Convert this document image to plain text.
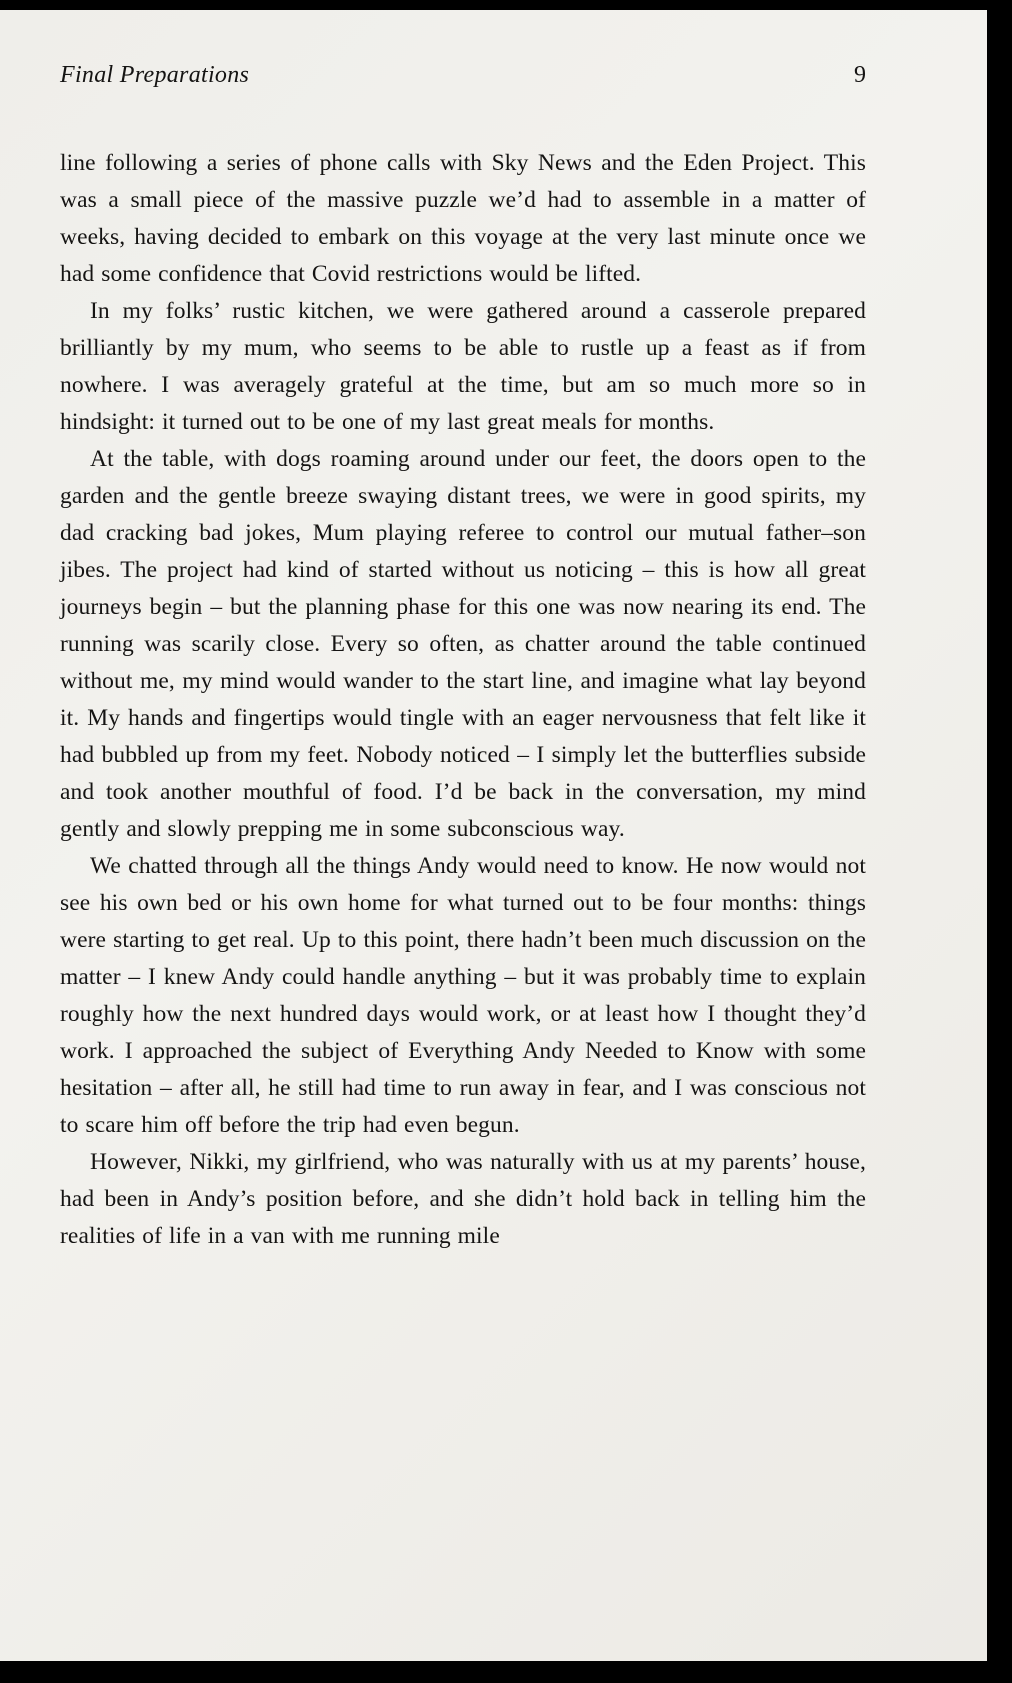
Final Preparations	9

line following a series of phone calls with Sky News and the Eden Project. This was a small piece of the massive puzzle we’d had to assemble in a matter of weeks, having decided to embark on this voyage at the very last minute once we had some confidence that Covid restrictions would be lifted.

In my folks’ rustic kitchen, we were gathered around a casserole prepared brilliantly by my mum, who seems to be able to rustle up a feast as if from nowhere. I was averagely grateful at the time, but am so much more so in hindsight: it turned out to be one of my last great meals for months.

At the table, with dogs roaming around under our feet, the doors open to the garden and the gentle breeze swaying distant trees, we were in good spirits, my dad cracking bad jokes, Mum playing referee to control our mutual father–son jibes. The project had kind of started without us noticing – this is how all great journeys begin – but the planning phase for this one was now nearing its end. The running was scarily close. Every so often, as chatter around the table continued without me, my mind would wander to the start line, and imagine what lay beyond it. My hands and fingertips would tingle with an eager nervousness that felt like it had bubbled up from my feet. Nobody noticed – I simply let the butterflies subside and took another mouthful of food. I’d be back in the conversation, my mind gently and slowly prepping me in some subconscious way.

We chatted through all the things Andy would need to know. He now would not see his own bed or his own home for what turned out to be four months: things were starting to get real. Up to this point, there hadn’t been much discussion on the matter – I knew Andy could handle anything – but it was probably time to explain roughly how the next hundred days would work, or at least how I thought they’d work. I approached the subject of Everything Andy Needed to Know with some hesitation – after all, he still had time to run away in fear, and I was conscious not to scare him off before the trip had even begun.

However, Nikki, my girlfriend, who was naturally with us at my parents’ house, had been in Andy’s position before, and she didn’t hold back in telling him the realities of life in a van with me running mile
